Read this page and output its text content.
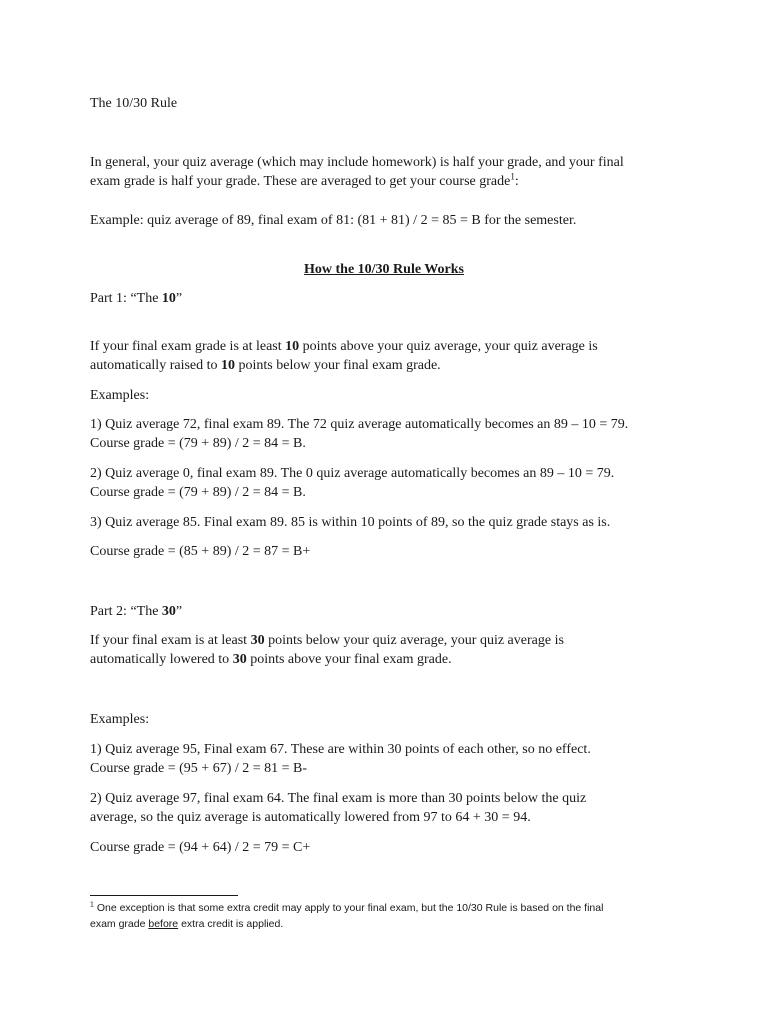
The 10/30 Rule

In general, your quiz average (which may include homework) is half your grade, and your final
exam grade is half your grade. These are averaged to get your course grade$^1$:

Example: quiz average of 89, final exam of 81: (81 + 81) / 2 = 85 = B for the semester.

How the 10/30 Rule Works

Part 1: “The 10”

If your final exam grade is at least 10 points above your quiz average, your quiz average is
automatically raised to 10 points below your final exam grade.

Examples:

1) Quiz average 72, final exam 89. The 72 quiz average automatically becomes an 89 – 10 = 79.
Course grade = (79 + 89) / 2 = 84 = B.

2) Quiz average 0, final exam 89. The 0 quiz average automatically becomes an 89 – 10 = 79.
Course grade = (79 + 89) / 2 = 84 = B.

3) Quiz average 85. Final exam 89. 85 is within 10 points of 89, so the quiz grade stays as is.

Course grade = (85 + 89) / 2 = 87 = B+

Part 2: “The 30”

If your final exam is at least 30 points below your quiz average, your quiz average is
automatically lowered to 30 points above your final exam grade.

Examples:

1) Quiz average 95, Final exam 67. These are within 30 points of each other, so no effect.
Course grade = (95 + 67) / 2 = 81 = B-

2) Quiz average 97, final exam 64. The final exam is more than 30 points below the quiz
average, so the quiz average is automatically lowered from 97 to 64 + 30 = 94.

Course grade = (94 + 64) / 2 = 79 = C+

$^1$ One exception is that some extra credit may apply to your final exam, but the 10/30 Rule is based on the final
exam grade before extra credit is applied.
